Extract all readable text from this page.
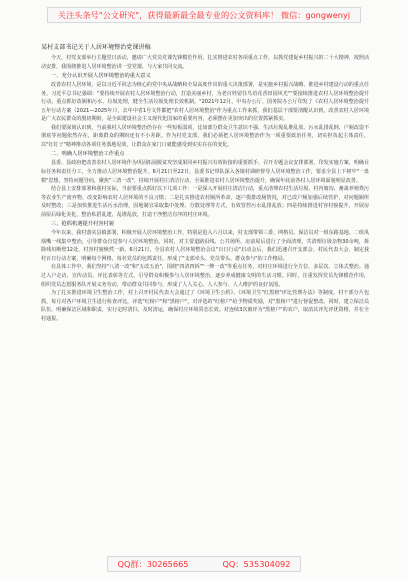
关注头条号"公文研究"，获得最新最全最专业的公文资料库！ 微信：gongwenyj
某村支部书记关于人居环境整治党课讲稿
今天，村党支部举行主题党日活动，邀请广大党员党课先锋模范作用，扎实推进农村各项重点工作，以抓党建促乡村振兴的二十大精神，按照活动安排，我围绕推进人居环境整治讲一堂党课，与大家共同交流。
一、充分认识开展人居环境整治的重大意义
改善农村人居环境，是以习近平同志为核心的党中央从战略和全局高度作出的重大决策部署，是实施乡村振兴战略、推进乡村建设行动的重点任务。习近平总书记强调："要持续开展农村人居环境整治行动，打造美丽乡村，为老百姓留住鸟语花香田园风光""要接续推进农村人居环境整治提升行动，重点抓好改厕和污水、垃圾处理，健全生活垃圾处理长效机制。"2021年12月，中央办公厅、国务院办公厅印发了《农村人居环境整治提升五年行动方案（2021—2025年）》，去年中省1号文件都把"农村人居环境整治"作为重点工作来抓，我们基层干部要清醒认识到，改善农村人居环境是广大农民群众的殷切期盼，是全面建设社会主义现代化国家的重要内容，必须摆在更加突出的位置抓紧抓实。
我们要深刻认识到，当前我村人居环境整治仍存在一些短板弱项，比如部分群众卫生意识不强、生活垃圾乱堆乱放、污水乱排乱倒、户厕改造不彻底等问题依然存在，距离群众的期盼还有不小差距。作为村党支部，我们必须把人居环境整治作为一项重要政治任务，切实担负起主体责任，以"钉钉子"精神推动各项任务落地见效，让群众在家门口就能感受到实实在在的变化。
二、明确人居环境整治工作重点
县委、县政府把改善农村人居环境作为巩固拓展脱贫攻坚成果同乡村振兴有效衔接的重要抓手，召开专题会议安排部署，印发实施方案，明确目标任务和责任分工，全力推动人居环境整治提升。6月21日至22日，县委书记带队深入各镇村调研督导人居环境整治工作，要求全县上下树牢"一盘棋"思想，坚持问题导向，聚焦"三清一改"，持续开展村庄清洁行动，全面推进农村人居环境整治提升，确保年底前各村人居环境面貌明显改善。
结合县上安排部署和我村实际，当前要重点抓好以下几项工作：一是深入开展村庄清洁行动，重点清理农村生活垃圾、村内塘沟、畜禽养殖粪污等农业生产废弃物，改变影响农村人居环境的不良习惯；二是扎实推进农村厕所革命，逐户摸排改厕情况，对已改户厕加强后续管护，对问题厕所及时整改；三是加快推进生活污水治理，因地制宜采取集中处理、分散处理等方式，有效管控污水乱排乱放；四是持续推进村容村貌提升，开展房前屋后绿化美化，整治私搭乱建、乱堆乱放，打造干净整洁有序的村庄环境。
三、抢抓机遇提升村容村貌
今年以来，我村落实县镇部署，积极开展人居环境整治工作，特别是进入六月以来，村支部带领三委、网格员、保洁员对一组东路基地、二组凤凰嘴一线集中整治，引导群众自觉参与人居环境整治。同时，对主要道路沿线、公共场所、房前屋后进行了全面清理，共清理垃圾杂物30余吨，拆除残垣断壁12处，村容村貌焕然一新。6月21日，全县农村人居环境整治会议"百日行动"启动会后，我们迅速召开支部会、村民代表大会，制定我村百日行动方案，明确每个网格、每名党员的包抓责任，形成了"支部牵头、党员带头、群众参与"的工作格局。
在具体工作中，我们坚持"八清一改"和"五改五治"，围绕"四清四拆""一牌一改"等重点任务，对村庄环境进行全方位、多层次、立体式整治。通过入户走访、宣传动员、评比表彰等方式，引导群众积极参与人居环境整治，逐步养成健康文明的生活习惯。同时，注重发挥党员先锋模范作用，组织党员志愿服务队开展义务劳动，带动群众共同参与，形成了人人关心、人人参与、人人维护的良好氛围。
为了扎实推进环境卫生整治工作，村上召开村民代表大会通过了《环境卫生公约》，《环境卫生"红黑榜"评比管理办法》等制度，村干部分片包抓，每月对各户环境卫生进行检查评比，评选"红榜户"和"黑榜户"，对评选的"红榜户"给予物质奖励，对"黑榜户"进行督促整改。同时，建立保洁员队伍，明确保洁区域和职责，实行定时清扫、及时清运，确保村庄环境常态长效。对连续3次被评为"黑榜户"的农户，取消其评先评优资格，并在全村通报。
QQ群：30265665	QQ：535304092
